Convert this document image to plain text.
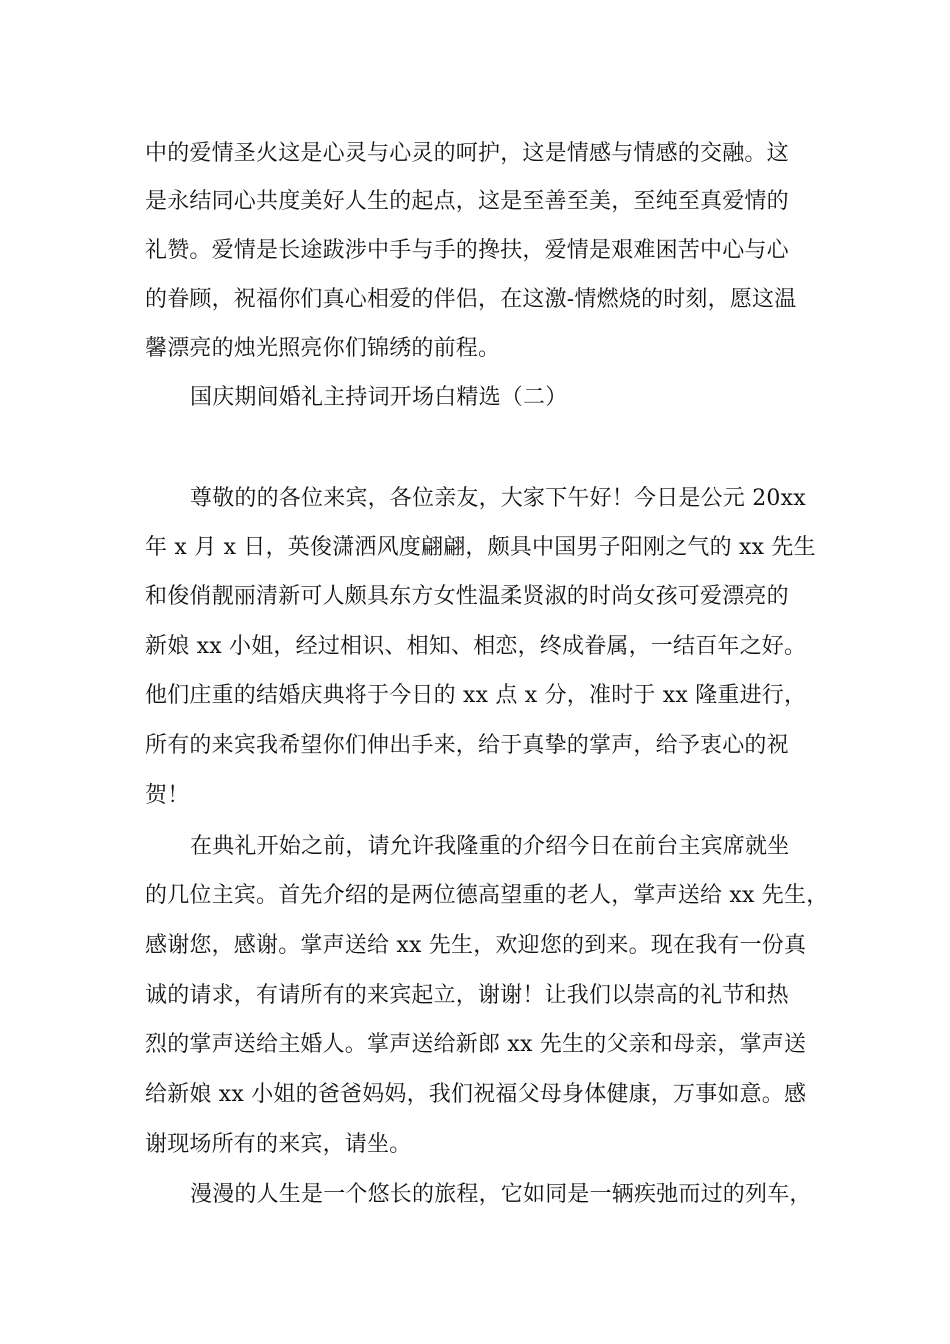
中的爱情圣火这是心灵与心灵的呵护，这是情感与情感的交融。这
是永结同心共度美好人生的起点，这是至善至美，至纯至真爱情的
礼赞。爱情是长途跋涉中手与手的搀扶，爱情是艰难困苦中心与心
的眷顾，祝福你们真心相爱的伴侣，在这激-情燃烧的时刻，愿这温
馨漂亮的烛光照亮你们锦绣的前程。
国庆期间婚礼主持词开场白精选（二）
尊敬的的各位来宾，各位亲友，大家下午好！今日是公元 20xx
年 x 月 x 日，英俊潇洒风度翩翩，颇具中国男子阳刚之气的 xx 先生
和俊俏靓丽清新可人颇具东方女性温柔贤淑的时尚女孩可爱漂亮的
新娘 xx 小姐，经过相识、相知、相恋，终成眷属，一结百年之好。
他们庄重的结婚庆典将于今日的 xx 点 x 分，准时于 xx 隆重进行，
所有的来宾我希望你们伸出手来，给于真挚的掌声，给予衷心的祝
贺！
在典礼开始之前，请允许我隆重的介绍今日在前台主宾席就坐
的几位主宾。首先介绍的是两位德高望重的老人，掌声送给 xx 先生，
感谢您，感谢。掌声送给 xx 先生，欢迎您的到来。现在我有一份真
诚的请求，有请所有的来宾起立，谢谢！让我们以崇高的礼节和热
烈的掌声送给主婚人。掌声送给新郎 xx 先生的父亲和母亲，掌声送
给新娘 xx 小姐的爸爸妈妈，我们祝福父母身体健康，万事如意。感
谢现场所有的来宾，请坐。
漫漫的人生是一个悠长的旅程，它如同是一辆疾弛而过的列车，
